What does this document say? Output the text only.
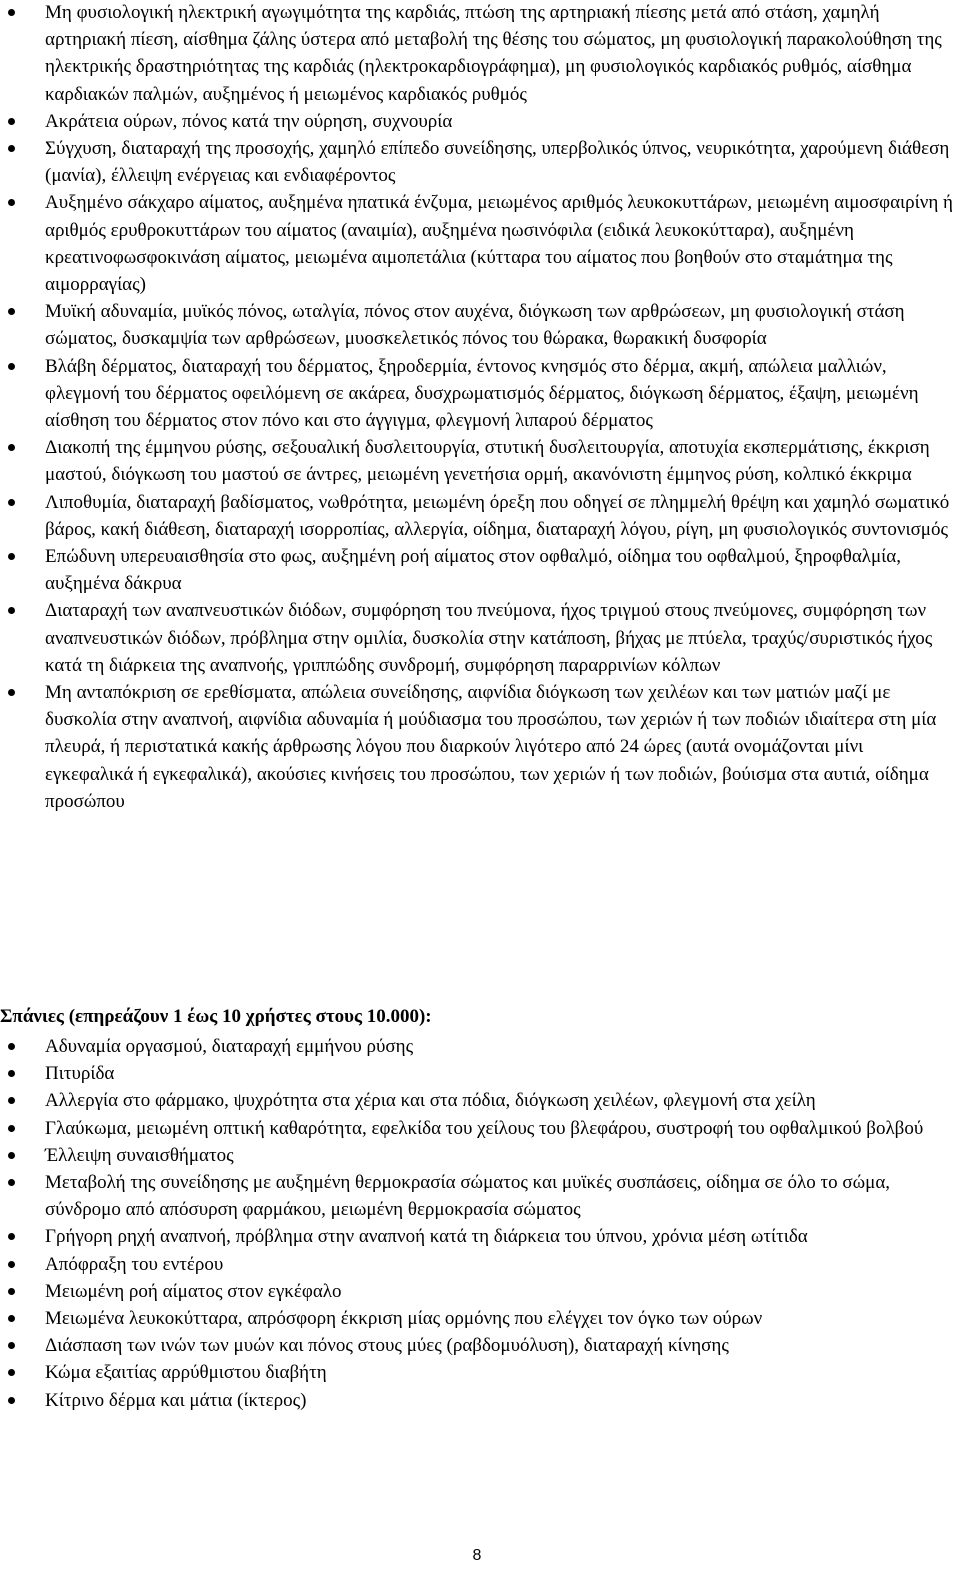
Μη φυσιολογική ηλεκτρική αγωγιμότητα της καρδιάς, πτώση της αρτηριακή πίεσης μετά από στάση, χαμηλή αρτηριακή πίεση, αίσθημα ζάλης ύστερα από μεταβολή της θέσης του σώματος, μη φυσιολογική παρακολούθηση της ηλεκτρικής δραστηριότητας της καρδιάς (ηλεκτροκαρδιογράφημα), μη φυσιολογικός καρδιακός ρυθμός, αίσθημα καρδιακών παλμών, αυξημένος ή μειωμένος καρδιακός ρυθμός
Ακράτεια ούρων, πόνος κατά την ούρηση, συχνουρία
Σύγχυση, διαταραχή της προσοχής, χαμηλό επίπεδο συνείδησης, υπερβολικός ύπνος, νευρικότητα, χαρούμενη διάθεση (μανία), έλλειψη ενέργειας και ενδιαφέροντος
Αυξημένο σάκχαρο αίματος, αυξημένα ηπατικά ένζυμα, μειωμένος αριθμός λευκοκυττάρων, μειωμένη αιμοσφαιρίνη ή αριθμός ερυθροκυττάρων του αίματος (αναιμία), αυξημένα ηωσινόφιλα (ειδικά λευκοκύτταρα), αυξημένη κρεατινοφωσφοκινάση αίματος, μειωμένα αιμοπετάλια (κύτταρα του αίματος που βοηθούν στο σταμάτημα της αιμορραγίας)
Μυϊκή αδυναμία, μυϊκός πόνος, ωταλγία, πόνος στον αυχένα, διόγκωση των αρθρώσεων, μη φυσιολογική στάση σώματος, δυσκαμψία των αρθρώσεων, μυοσκελετικός πόνος του θώρακα, θωρακική δυσφορία
Βλάβη δέρματος, διαταραχή του δέρματος, ξηροδερμία, έντονος κνησμός στο δέρμα, ακμή, απώλεια μαλλιών, φλεγμονή του δέρματος οφειλόμενη σε ακάρεα, δυσχρωματισμός δέρματος, διόγκωση δέρματος, έξαψη, μειωμένη αίσθηση του δέρματος στον πόνο και στο άγγιγμα, φλεγμονή λιπαρού δέρματος
Διακοπή της έμμηνου ρύσης, σεξουαλική δυσλειτουργία, στυτική δυσλειτουργία, αποτυχία εκσπερμάτισης, έκκριση μαστού, διόγκωση του μαστού σε άντρες, μειωμένη γενετήσια ορμή, ακανόνιστη έμμηνος ρύση, κολπικό έκκριμα
Λιποθυμία, διαταραχή βαδίσματος, νωθρότητα, μειωμένη όρεξη που οδηγεί σε πλημμελή θρέψη και χαμηλό σωματικό βάρος, κακή διάθεση, διαταραχή ισορροπίας, αλλεργία, οίδημα, διαταραχή λόγου, ρίγη, μη φυσιολογικός συντονισμός
Επώδυνη υπερευαισθησία στο φως, αυξημένη ροή αίματος στον οφθαλμό, οίδημα του οφθαλμού, ξηροφθαλμία, αυξημένα δάκρυα
Διαταραχή των αναπνευστικών διόδων, συμφόρηση του πνεύμονα, ήχος τριγμού στους πνεύμονες, συμφόρηση των αναπνευστικών διόδων, πρόβλημα στην ομιλία, δυσκολία στην κατάποση, βήχας με πτύελα, τραχύς/συριστικός ήχος κατά τη διάρκεια της αναπνοής, γριππώδης συνδρομή, συμφόρηση παραρρινίων κόλπων
Μη ανταπόκριση σε ερεθίσματα, απώλεια συνείδησης, αιφνίδια διόγκωση των χειλέων και των ματιών μαζί με δυσκολία στην αναπνοή, αιφνίδια αδυναμία ή μούδιασμα του προσώπου, των χεριών ή των ποδιών ιδιαίτερα στη μία πλευρά, ή περιστατικά κακής άρθρωσης λόγου που διαρκούν λιγότερο από 24 ώρες (αυτά ονομάζονται μίνι εγκεφαλικά ή εγκεφαλικά), ακούσιες κινήσεις του προσώπου, των χεριών ή των ποδιών, βούισμα στα αυτιά, οίδημα προσώπου

Σπάνιες (επηρεάζουν 1 έως 10 χρήστες στους 10.000):

Αδυναμία οργασμού, διαταραχή εμμήνου ρύσης
Πιτυρίδα
Αλλεργία στο φάρμακο, ψυχρότητα στα χέρια και στα πόδια, διόγκωση χειλέων, φλεγμονή στα χείλη
Γλαύκωμα, μειωμένη οπτική καθαρότητα, εφελκίδα του χείλους του βλεφάρου, συστροφή του οφθαλμικού βολβού
Έλλειψη συναισθήματος
Μεταβολή της συνείδησης με αυξημένη θερμοκρασία σώματος και μυϊκές συσπάσεις, οίδημα σε όλο το σώμα, σύνδρομο από απόσυρση φαρμάκου, μειωμένη θερμοκρασία σώματος
Γρήγορη ρηχή αναπνοή, πρόβλημα στην αναπνοή κατά τη διάρκεια του ύπνου, χρόνια μέση ωτίτιδα
Απόφραξη του εντέρου
Μειωμένη ροή αίματος στον εγκέφαλο
Μειωμένα λευκοκύτταρα, απρόσφορη έκκριση μίας ορμόνης που ελέγχει τον όγκο των ούρων
Διάσπαση των ινών των μυών και πόνος στους μύες (ραβδομυόλυση), διαταραχή κίνησης
Κώμα εξαιτίας αρρύθμιστου διαβήτη
Κίτρινο δέρμα και μάτια (ίκτερος)
8
